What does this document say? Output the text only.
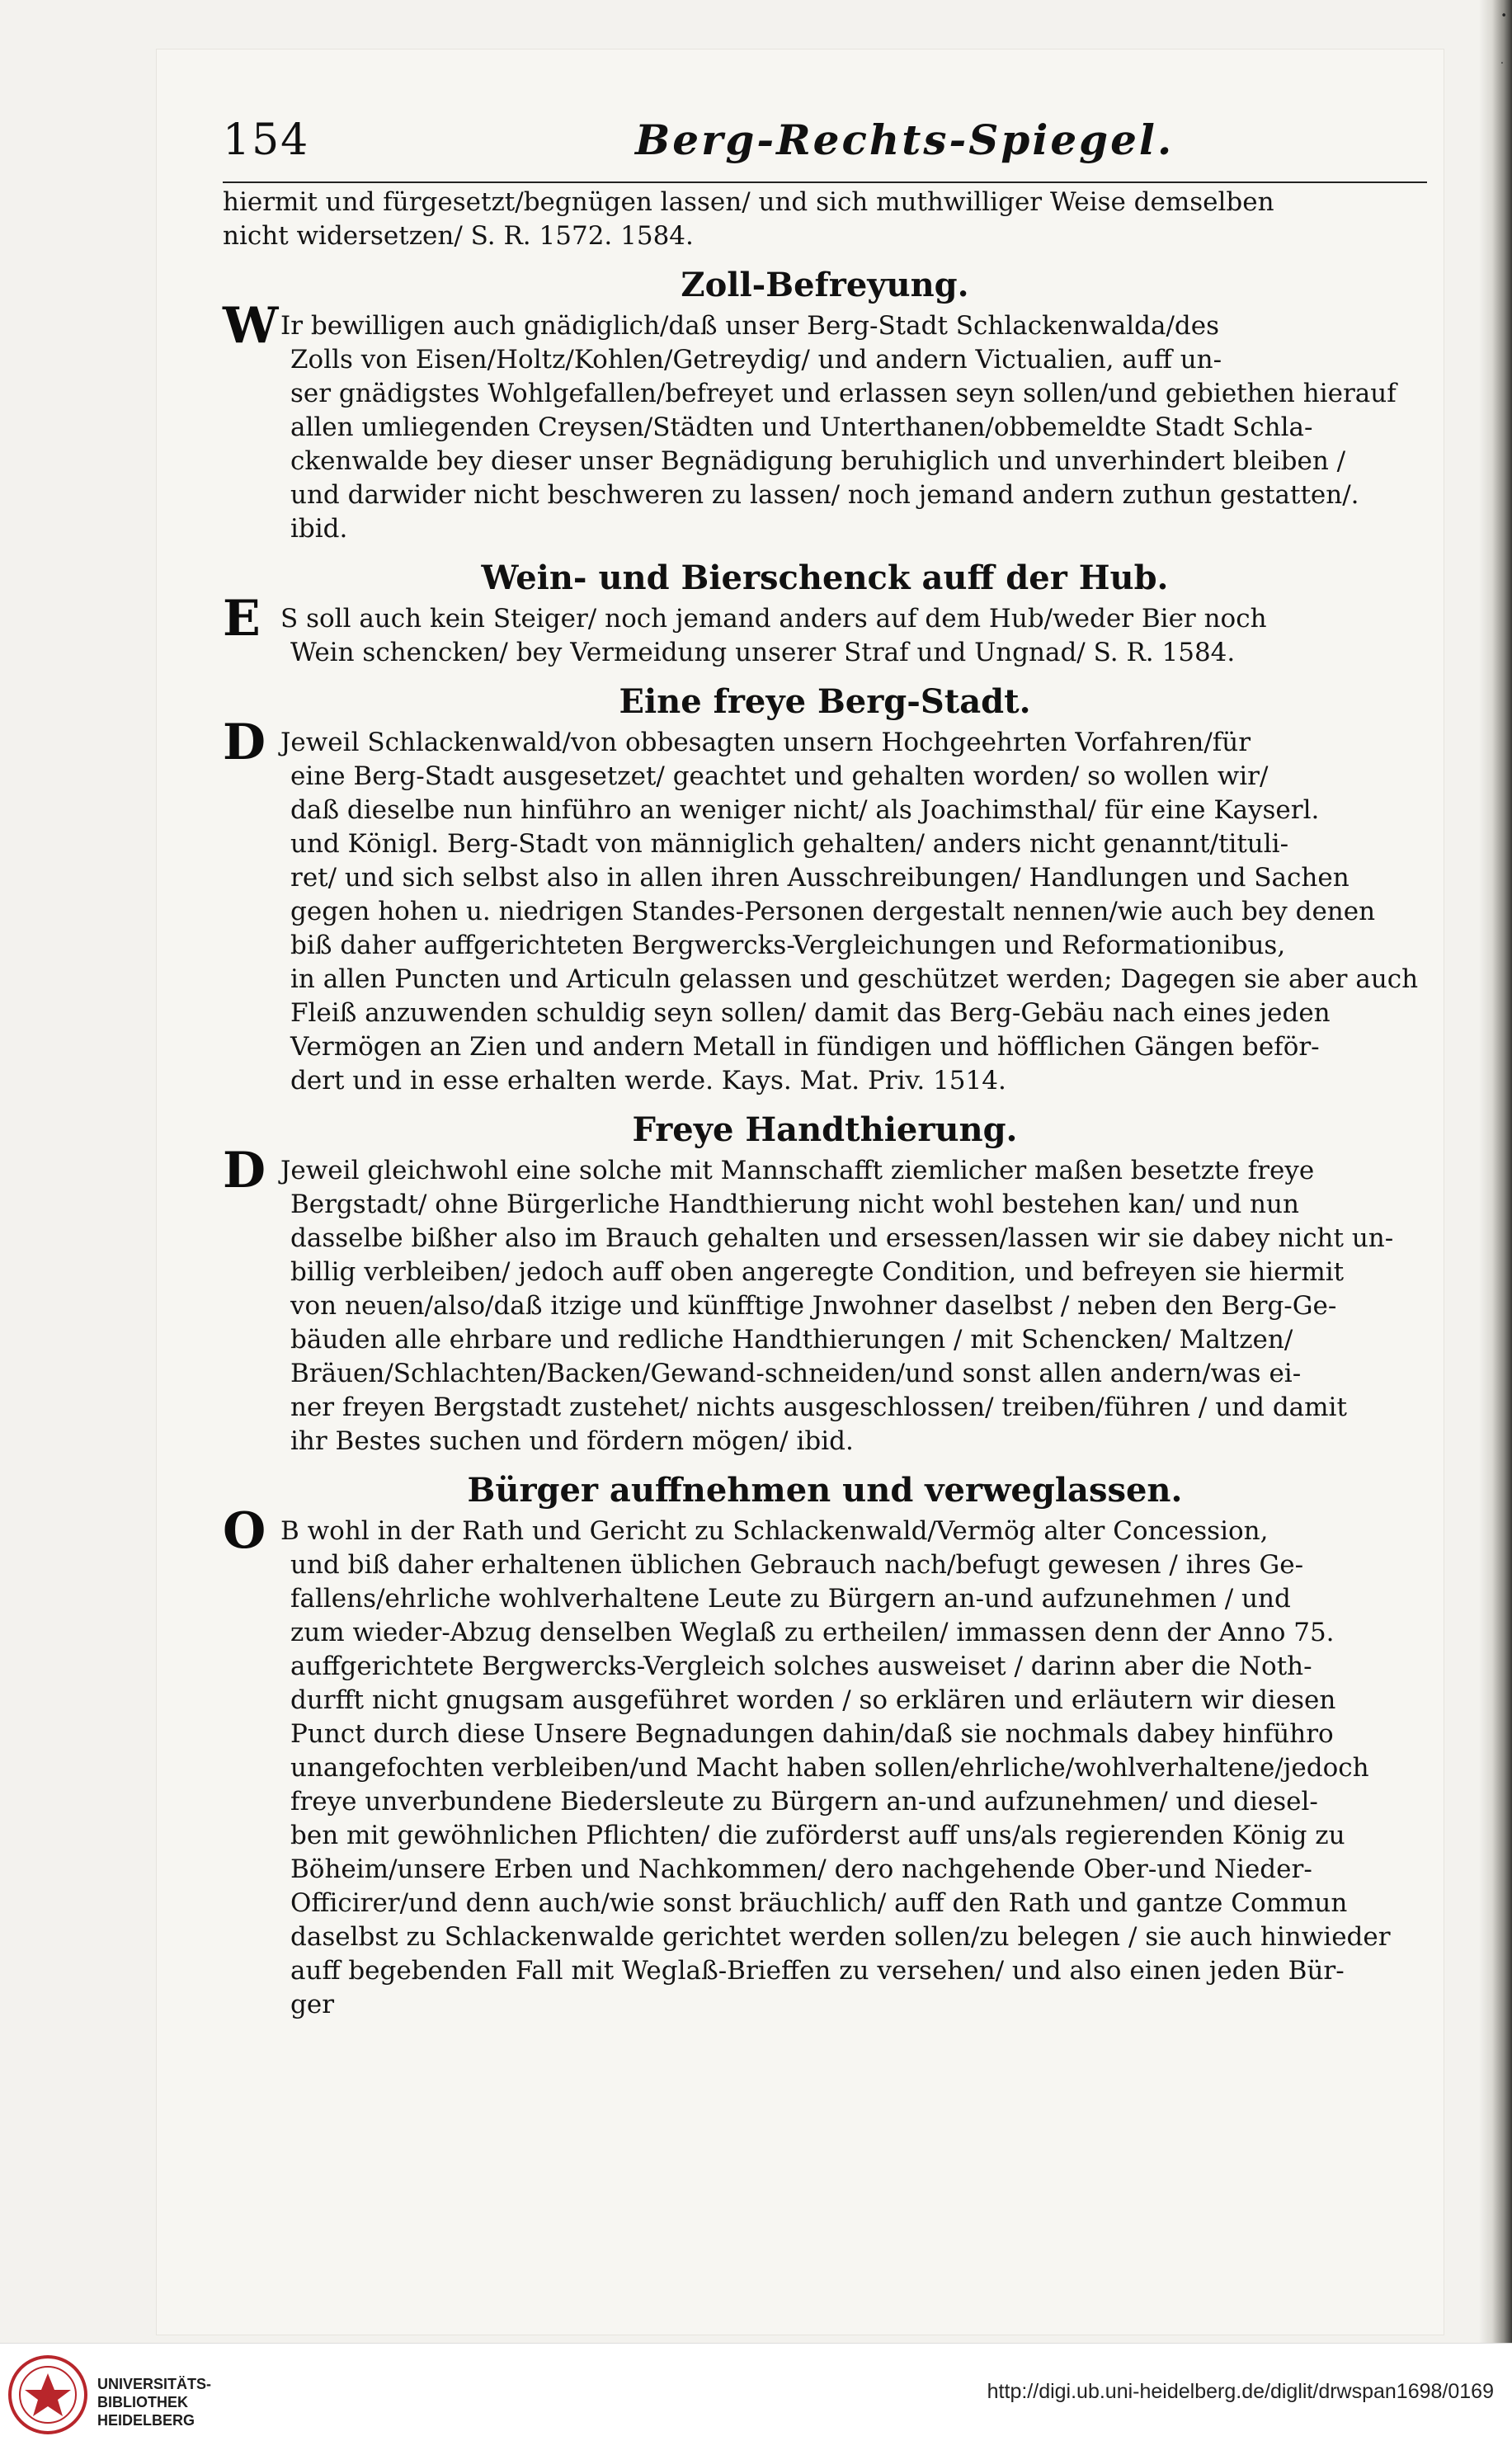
•
·
154	Berg-Rechts-Spiegel.
hiermit und fürgesetzt/begnügen lassen/ und sich muthwilliger Weise demselben
nicht widersetzen/ S. R. 1572. 1584.
Zoll-Befreyung.
WIr bewilligen auch gnädiglich/daß unser Berg-Stadt Schlackenwalda/des
Zolls von Eisen/Holtz/Kohlen/Getreydig/ und andern Victualien, auff un-
ser gnädigstes Wohlgefallen/befreyet und erlassen seyn sollen/und gebiethen hierauf
allen umliegenden Creysen/Städten und Unterthanen/obbemeldte Stadt Schla-
ckenwalde bey dieser unser Begnädigung beruhiglich und unverhindert bleiben /
und darwider nicht beschweren zu lassen/ noch jemand andern zuthun gestatten/.
ibid.
Wein- und Bierschenck auff der Hub.
E S soll auch kein Steiger/ noch jemand anders auf dem Hub/weder Bier noch
Wein schencken/ bey Vermeidung unserer Straf und Ungnad/ S. R. 1584.
Eine freye Berg-Stadt.
D Jeweil Schlackenwald/von obbesagten unsern Hochgeehrten Vorfahren/für
eine Berg-Stadt ausgesetzet/ geachtet und gehalten worden/ so wollen wir/
daß dieselbe nun hinführo an weniger nicht/ als Joachimsthal/ für eine Kayserl.
und Königl. Berg-Stadt von männiglich gehalten/ anders nicht genannt/tituli-
ret/ und sich selbst also in allen ihren Ausschreibungen/ Handlungen und Sachen
gegen hohen u. niedrigen Standes-Personen dergestalt nennen/wie auch bey denen
biß daher auffgerichteten Bergwercks-Vergleichungen und Reformationibus,
in allen Puncten und Articuln gelassen und geschützet werden; Dagegen sie aber auch
Fleiß anzuwenden schuldig seyn sollen/ damit das Berg-Gebäu nach eines jeden
Vermögen an Zien und andern Metall in fündigen und höfflichen Gängen beför-
dert und in esse erhalten werde. Kays. Mat. Priv. 1514.
Freye Handthierung.
D Jeweil gleichwohl eine solche mit Mannschafft ziemlicher maßen besetzte freye
Bergstadt/ ohne Bürgerliche Handthierung nicht wohl bestehen kan/ und nun
dasselbe bißher also im Brauch gehalten und ersessen/lassen wir sie dabey nicht un-
billig verbleiben/ jedoch auff oben angeregte Condition, und befreyen sie hiermit
von neuen/also/daß itzige und künfftige Jnwohner daselbst / neben den Berg-Ge-
bäuden alle ehrbare und redliche Handthierungen / mit Schencken/ Maltzen/
Bräuen/Schlachten/Backen/Gewand-schneiden/und sonst allen andern/was ei-
ner freyen Bergstadt zustehet/ nichts ausgeschlossen/ treiben/führen / und damit
ihr Bestes suchen und fördern mögen/ ibid.
Bürger auffnehmen und verweglassen.
O B wohl in der Rath und Gericht zu Schlackenwald/Vermög alter Concession,
und biß daher erhaltenen üblichen Gebrauch nach/befugt gewesen / ihres Ge-
fallens/ehrliche wohlverhaltene Leute zu Bürgern an-und aufzunehmen / und
zum wieder-Abzug denselben Weglaß zu ertheilen/ immassen denn der Anno 75.
auffgerichtete Bergwercks-Vergleich solches ausweiset / darinn aber die Noth-
durfft nicht gnugsam ausgeführet worden / so erklären und erläutern wir diesen
Punct durch diese Unsere Begnadungen dahin/daß sie nochmals dabey hinführo
unangefochten verbleiben/und Macht haben sollen/ehrliche/wohlverhaltene/jedoch
freye unverbundene Biedersleute zu Bürgern an-und aufzunehmen/ und diesel-
ben mit gewöhnlichen Pflichten/ die zuförderst auff uns/als regierenden König zu
Böheim/unsere Erben und Nachkommen/ dero nachgehende Ober-und Nieder-
Officirer/und denn auch/wie sonst bräuchlich/ auff den Rath und gantze Commun
daselbst zu Schlackenwalde gerichtet werden sollen/zu belegen / sie auch hinwieder
auff begebenden Fall mit Weglaß-Brieffen zu versehen/ und also einen jeden Bür-
ger
UNIVERSITÄTS-
BIBLIOTHEK
HEIDELBERG
http://digi.ub.uni-heidelberg.de/diglit/drwspan1698/0169
